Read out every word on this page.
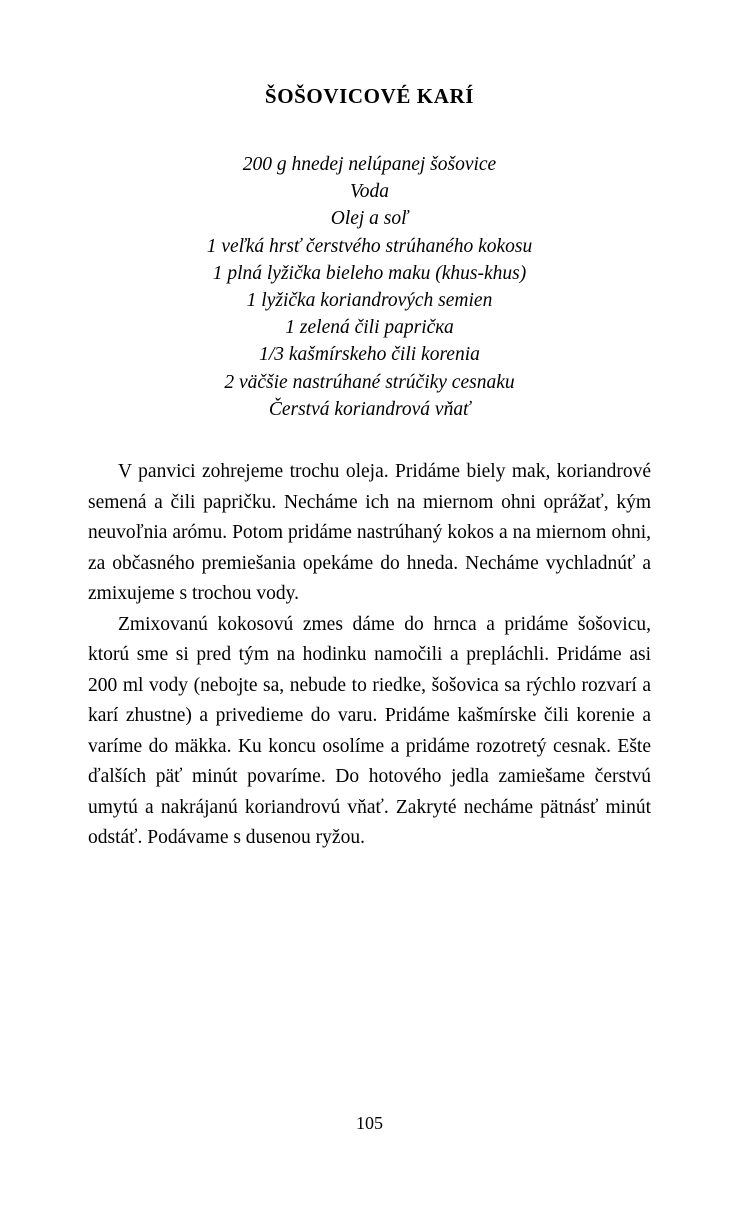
ŠOŠOVICOVÉ KARÍ
200 g hnedej nelúpanej šošovice
Voda
Olej a soľ
1 veľká hrsť čerstvého strúhaného kokosu
1 plná lyžička bieleho maku (khus-khus)
1 lyžička koriandrových semien
1 zelená čili papričка
1/3 kašmírskeho čili korenia
2 väčšie nastrúhané strúčiky cesnaku
Čerstvá koriandrová vňať

V panvici zohrejeme trochu oleja. Pridáme biely mak, koriandrové semená a čili papričku. Necháme ich na miernom ohni oprážať, kým neuvoľnia arómu. Potom pridáme nastrúhaný kokos a na miernom ohni, za občasného premiešania opekáme do hneda. Necháme vychladnúť a zmixujeme s trochou vody.

Zmixovanú kokosovú zmes dáme do hrnca a pridáme šošovicu, ktorú sme si pred tým na hodinku namočili a prepláchli. Pridáme asi 200 ml vody (nebojte sa, nebude to riedke, šošovica sa rýchlo rozvarí a karí zhustne) a privedieme do varu. Pridáme kašmírske čili korenie a varíme do mäkka. Ku koncu osolíme a pridáme rozotretý cesnak. Ešte ďalších päť minút povaríme. Do hotového jedla zamiešame čerstvú umytú a nakrájanú koriandrovú vňať. Zakryté necháme pätnásť minút odstáť. Podávame s dusenou ryžou.

105
